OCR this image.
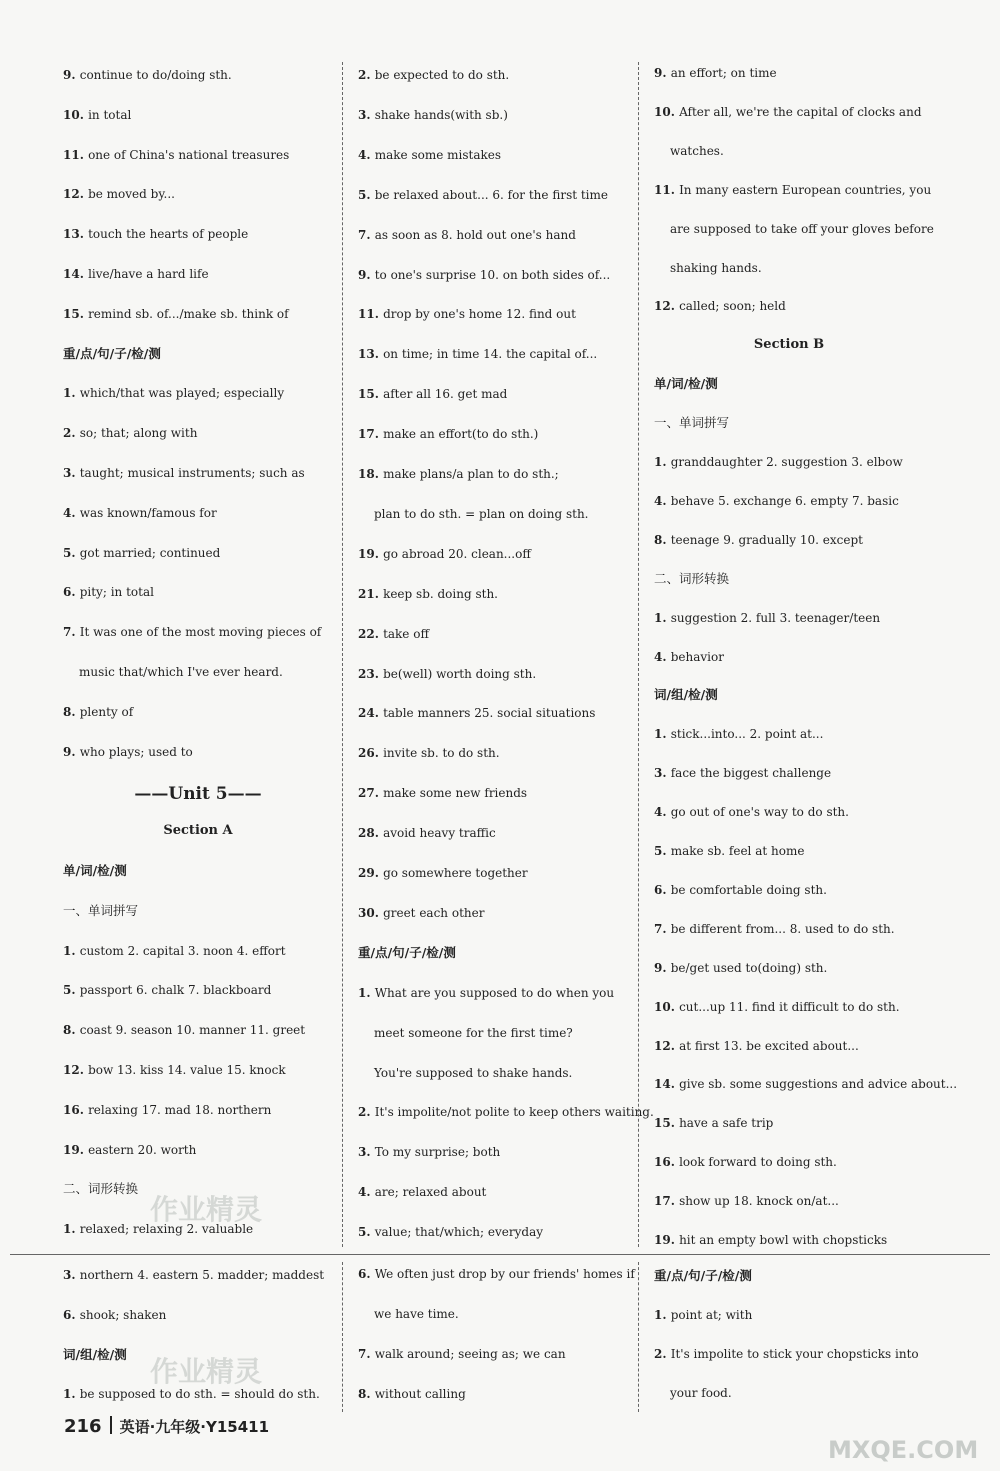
9. continue to do/doing sth.
10. in total
11. one of China's national treasures
12. be moved by...
13. touch the hearts of people
14. live/have a hard life
15. remind sb. of.../make sb. think of
重/点/句/子/检/测
1. which/that was played; especially
2. so; that; along with
3. taught; musical instruments; such as
4. was known/famous for
5. got married; continued
6. pity; in total
7. It was one of the most moving pieces of
music that/which I've ever heard.
8. plenty of
9. who plays; used to
——Unit 5——
Section A
单/词/检/测
一、单词拼写
1. custom 2. capital 3. noon 4. effort
5. passport 6. chalk 7. blackboard
8. coast 9. season 10. manner 11. greet
12. bow 13. kiss 14. value 15. knock
16. relaxing 17. mad 18. northern
19. eastern 20. worth
二、词形转换
1. relaxed; relaxing 2. valuable
3. northern 4. eastern 5. madder; maddest
6. shook; shaken
词/组/检/测
1. be supposed to do sth. = should do sth.
2. be expected to do sth.
3. shake hands(with sb.)
4. make some mistakes
5. be relaxed about... 6. for the first time
7. as soon as 8. hold out one's hand
9. to one's surprise 10. on both sides of...
11. drop by one's home 12. find out
13. on time; in time 14. the capital of...
15. after all 16. get mad
17. make an effort(to do sth.)
18. make plans/a plan to do sth.;
plan to do sth. = plan on doing sth.
19. go abroad 20. clean...off
21. keep sb. doing sth.
22. take off
23. be(well) worth doing sth.
24. table manners 25. social situations
26. invite sb. to do sth.
27. make some new friends
28. avoid heavy traffic
29. go somewhere together
30. greet each other
重/点/句/子/检/测
1. What are you supposed to do when you
meet someone for the first time?
You're supposed to shake hands.
2. It's impolite/not polite to keep others waiting.
3. To my surprise; both
4. are; relaxed about
5. value; that/which; everyday
6. We often just drop by our friends' homes if
we have time.
7. walk around; seeing as; we can
8. without calling
9. an effort; on time
10. After all, we're the capital of clocks and
watches.
11. In many eastern European countries, you
are supposed to take off your gloves before
shaking hands.
12. called; soon; held
Section B
单/词/检/测
一、单词拼写
1. granddaughter 2. suggestion 3. elbow
4. behave 5. exchange 6. empty 7. basic
8. teenage 9. gradually 10. except
二、词形转换
1. suggestion 2. full 3. teenager/teen
4. behavior
词/组/检/测
1. stick...into... 2. point at...
3. face the biggest challenge
4. go out of one's way to do sth.
5. make sb. feel at home
6. be comfortable doing sth.
7. be different from... 8. used to do sth.
9. be/get used to(doing) sth.
10. cut...up 11. find it difficult to do sth.
12. at first 13. be excited about...
14. give sb. some suggestions and advice about...
15. have a safe trip
16. look forward to doing sth.
17. show up 18. knock on/at...
19. hit an empty bowl with chopsticks
重/点/句/子/检/测
1. point at; with
2. It's impolite to stick your chopsticks into
your food.
作业精灵
作业精灵
MXQE.COM
216 英语·九年级·Y15411
